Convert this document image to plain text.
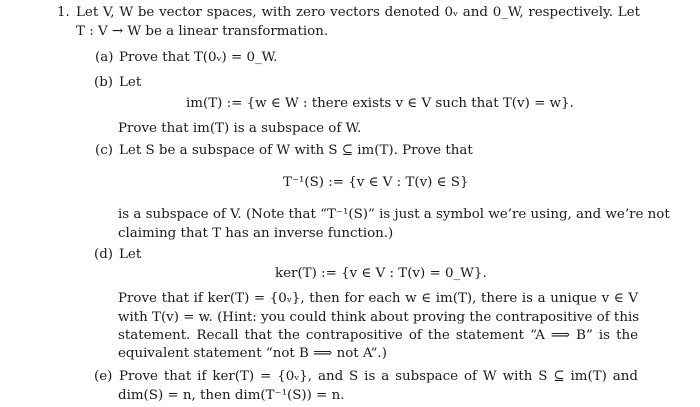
1. Let V, W be vector spaces, with zero vectors denoted 0ᵥ and 0_W, respectively. Let
T : V → W be a linear transformation.
(a) Prove that T(0ᵥ) = 0_W.
(b) Let
im(T) := {w ∈ W : there exists v ∈ V such that T(v) = w}.
Prove that im(T) is a subspace of W.
(c) Let S be a subspace of W with S ⊆ im(T). Prove that
T⁻¹(S) := {v ∈ V : T(v) ∈ S}
is a subspace of V. (Note that “T⁻¹(S)” is just a symbol we’re using, and we’re not
claiming that T has an inverse function.)
(d) Let
ker(T) := {v ∈ V : T(v) = 0_W}.
Prove that if ker(T) = {0ᵥ}, then for each w ∈ im(T), there is a unique v ∈ V
with T(v) = w. (Hint: you could think about proving the contrapositive of this
statement. Recall that the contrapositive of the statement “A ⟹ B” is the
equivalent statement “not B ⟹ not A”.)
(e) Prove that if ker(T) = {0ᵥ}, and S is a subspace of W with S ⊆ im(T) and
dim(S) = n, then dim(T⁻¹(S)) = n.
